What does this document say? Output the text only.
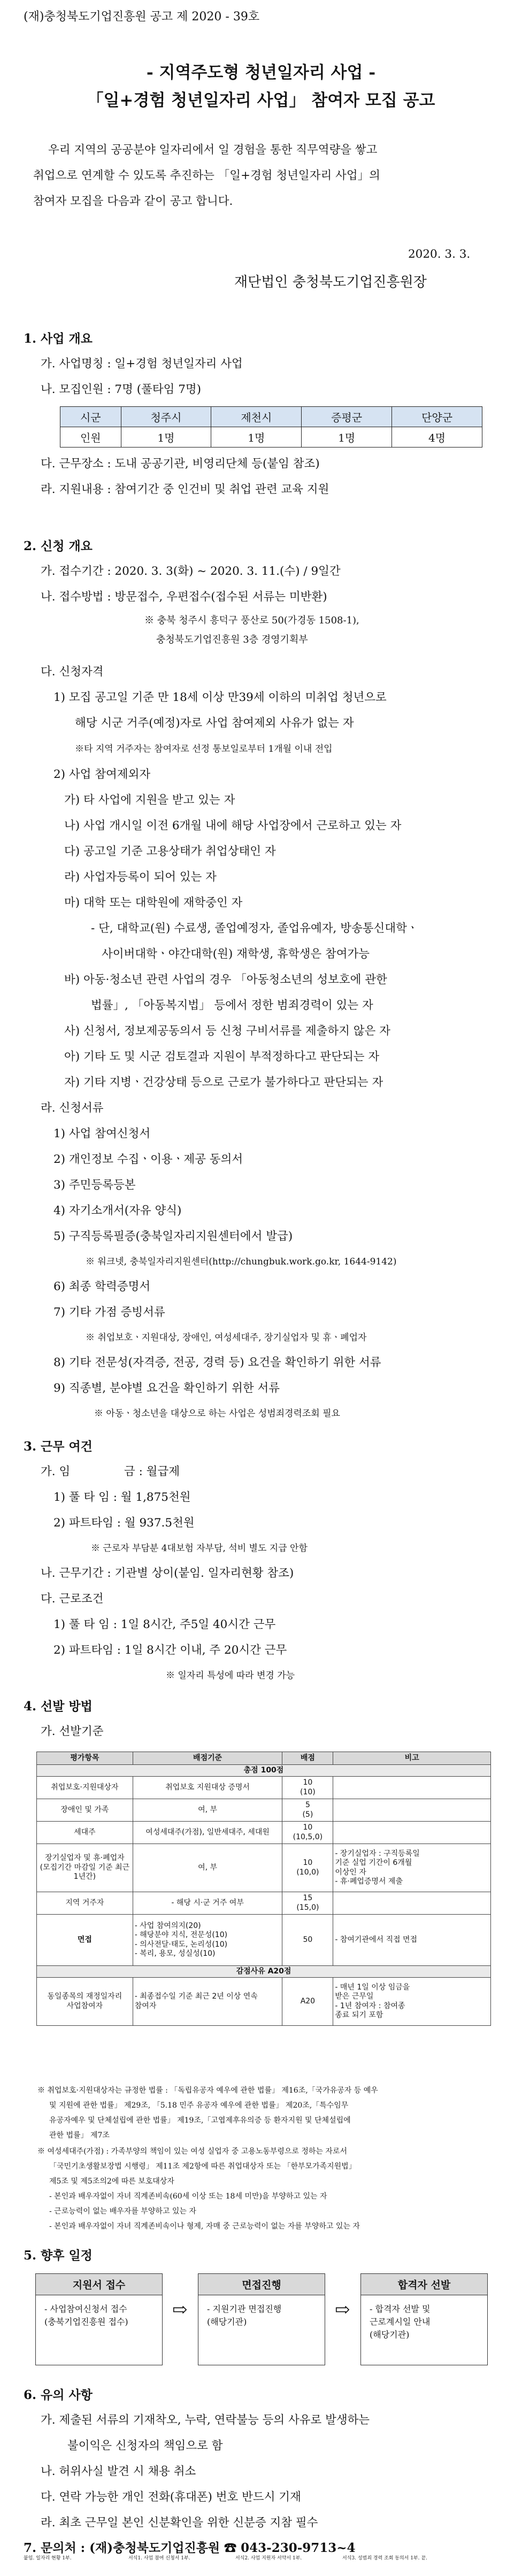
(재)충청북도기업진흥원 공고 제 2020 - 39호
- 지역주도형 청년일자리 사업 -
「일+경험 청년일자리 사업」 참여자 모집 공고
우리 지역의 공공분야 일자리에서 일 경험을 통한 직무역량을 쌓고
취업으로 연계할 수 있도록 추진하는 「일+경험 청년일자리 사업」의
참여자 모집을 다음과 같이 공고 합니다.
2020. 3. 3.
재단법인 충청북도기업진흥원장
1. 사업 개요
가. 사업명칭 : 일+경험 청년일자리 사업
나. 모집인원 : 7명 (풀타임 7명)
시군	청주시	제천시	증평군	단양군
인원	1명	1명	1명	4명
다. 근무장소 : 도내 공공기관, 비영리단체 등(붙임 참조)
라. 지원내용 : 참여기간 중 인건비 및 취업 관련 교육 지원
2. 신청 개요
가. 접수기간 : 2020. 3. 3(화) ~ 2020. 3. 11.(수) / 9일간
나. 접수방법 : 방문접수, 우편접수(접수된 서류는 미반환)
※ 충북 청주시 흥덕구 풍산로 50(가경동 1508-1),
충청북도기업진흥원 3층 경영기획부
다. 신청자격
1) 모집 공고일 기준 만 18세 이상 만39세 이하의 미취업 청년으로
해당 시군 거주(예정)자로 사업 참여제외 사유가 없는 자
※타 지역 거주자는 참여자로 선정 통보일로부터 1개월 이내 전입
2) 사업 참여제외자
가) 타 사업에 지원을 받고 있는 자
나) 사업 개시일 이전 6개월 내에 해당 사업장에서 근로하고 있는 자
다) 공고일 기준 고용상태가 취업상태인 자
라) 사업자등록이 되어 있는 자
마) 대학 또는 대학원에 재학중인 자
- 단, 대학교(원) 수료생, 졸업예정자, 졸업유예자, 방송통신대학ㆍ
사이버대학ㆍ야간대학(원) 재학생, 휴학생은 참여가능
바) 아동·청소년 관련 사업의 경우 「아동청소년의 성보호에 관한
법률」, 「아동복지법」 등에서 정한 범죄경력이 있는 자
사) 신청서, 정보제공동의서 등 신청 구비서류를 제출하지 않은 자
아) 기타 도 및 시군 검토결과 지원이 부적정하다고 판단되는 자
자) 기타 지병ㆍ건강상태 등으로 근로가 불가하다고 판단되는 자
라. 신청서류
1) 사업 참여신청서
2) 개인정보 수집ㆍ이용ㆍ제공 동의서
3) 주민등록등본
4) 자기소개서(자유 양식)
5) 구직등록필증(충북일자리지원센터에서 발급)
※ 워크넷, 충북일자리지원센터(http://chungbuk.work.go.kr, 1644-9142)
6) 최종 학력증명서
7) 기타 가점 증빙서류
※ 취업보호ㆍ지원대상, 장애인, 여성세대주, 장기실업자 및 휴ㆍ폐업자
8) 기타 전문성(자격증, 전공, 경력 등) 요건을 확인하기 위한 서류
9) 직종별, 분야별 요건을 확인하기 위한 서류
※ 아동ㆍ청소년을 대상으로 하는 사업은 성범죄경력조회 필요
3. 근무 여건
가. 임	금 : 월급제
1) 풀 타 임 : 월 1,875천원
2) 파트타임 : 월 937.5천원
※ 근로자 부담분 4대보험 자부담, 석비 별도 지급 안함
나. 근무기간 : 기관별 상이(붙임. 일자리현황 참조)
다. 근로조건
1) 풀 타 임 : 1일 8시간, 주5일 40시간 근무
2) 파트타임 : 1일 8시간 이내, 주 20시간 근무
※ 일자리 특성에 따라 변경 가능
4. 선발 방법
가. 선발기준
평가항목	배점기준	배점	비고
총점 100점			
취업보호·지원대상자	취업보호 지원대상 증명서	10
(10)	
장애인 및 가족	여, 부	5
(5)	
세대주	여성세대주(가점), 일반세대주, 세대원	10
(10,5,0)	
장기실업자 및 휴·폐업자
(모집기간 마감일 기준 최근 1년간)	여, 부	10
(10,0)	- 장기실업자 : 구직등록일
기준 실업 기간이 6개월
이상인 자
- 휴·폐업증명서 제출
지역 거주자	- 해당 시·군 거주 여부	15
(15,0)	
면접	- 사업 참여의지(20)
- 해당분야 지식, 전문성(10)
- 의사전달·태도, 논리성(10)
- 복리, 용모, 성실성(10)	50	- 참여기관에서 직접 면접
감점사유 A20점			
동일종목의 재정일자리
사업참여자	- 최종접수일 기준 최근 2년 이상 연속
참여자	A20	- 매년 1일 이상 임금을
받은 근무일
- 1년 참여자 : 참여종
종료 되기 포함
※ 취업보호·지원대상자는 규정한 법률 : 「독립유공자 예우에 관한 법률」 제16조,「국가유공자 등 예우
및 지원에 관한 법률」 제29조, 「5.18 민주 유공자 예우에 관한 법률」 제20조,「특수임무
유공자예우 및 단체설립에 관한 법률」 제19조,「고엽제후유의증 등 환자지원 및 단체설립에
관한 법률」 제7조
※ 여성세대주(가점) : 가족부양의 책임이 있는 여성 실업자 중 고용노동부령으로 정하는 자로서
「국민기초생활보장법 시행령」 제11조 제2항에 따른 취업대상자 또는 「한부모가족지원법」
제5조 및 제5조의2에 따른 보호대상자
- 본인과 배우자없이 자녀 직계존비속(60세 이상 또는 18세 미만)을 부양하고 있는 자
- 근로능력이 없는 배우자를 부양하고 있는 자
- 본인과 배우자없이 자녀 직계존비속이나 형제, 자매 중 근로능력이 없는 자를 부양하고 있는 자
5. 향후 일정
지원서 접수
- 사업참여신청서 접수
(충북기업진흥원 접수)
⇨
면접진행
- 지원기관 면접진행
(해당기관)
⇨
합격자 선발
- 합격자 선발 및
근로계시일 안내
(해당기관)
6. 유의 사항
가. 제출된 서류의 기재착오, 누락, 연락불능 등의 사유로 발생하는
불이익은 신청자의 책임으로 함
나. 허위사실 발견 시 채용 취소
다. 연락 가능한 개인 전화(휴대폰) 번호 반드시 기재
라. 최초 근무일 본인 신분확인을 위한 신분증 지참 필수
7. 문의처 : (재)충청북도기업진흥원 ☎ 043-230-9713~4
붙임. 일자리 현황 1부.	서식1. 사업 참여 신청서 1부.	서식2. 사업 지원자 서약서 1부.	서식3. 성범죄 경력 조회 동의서 1부. 끝.
